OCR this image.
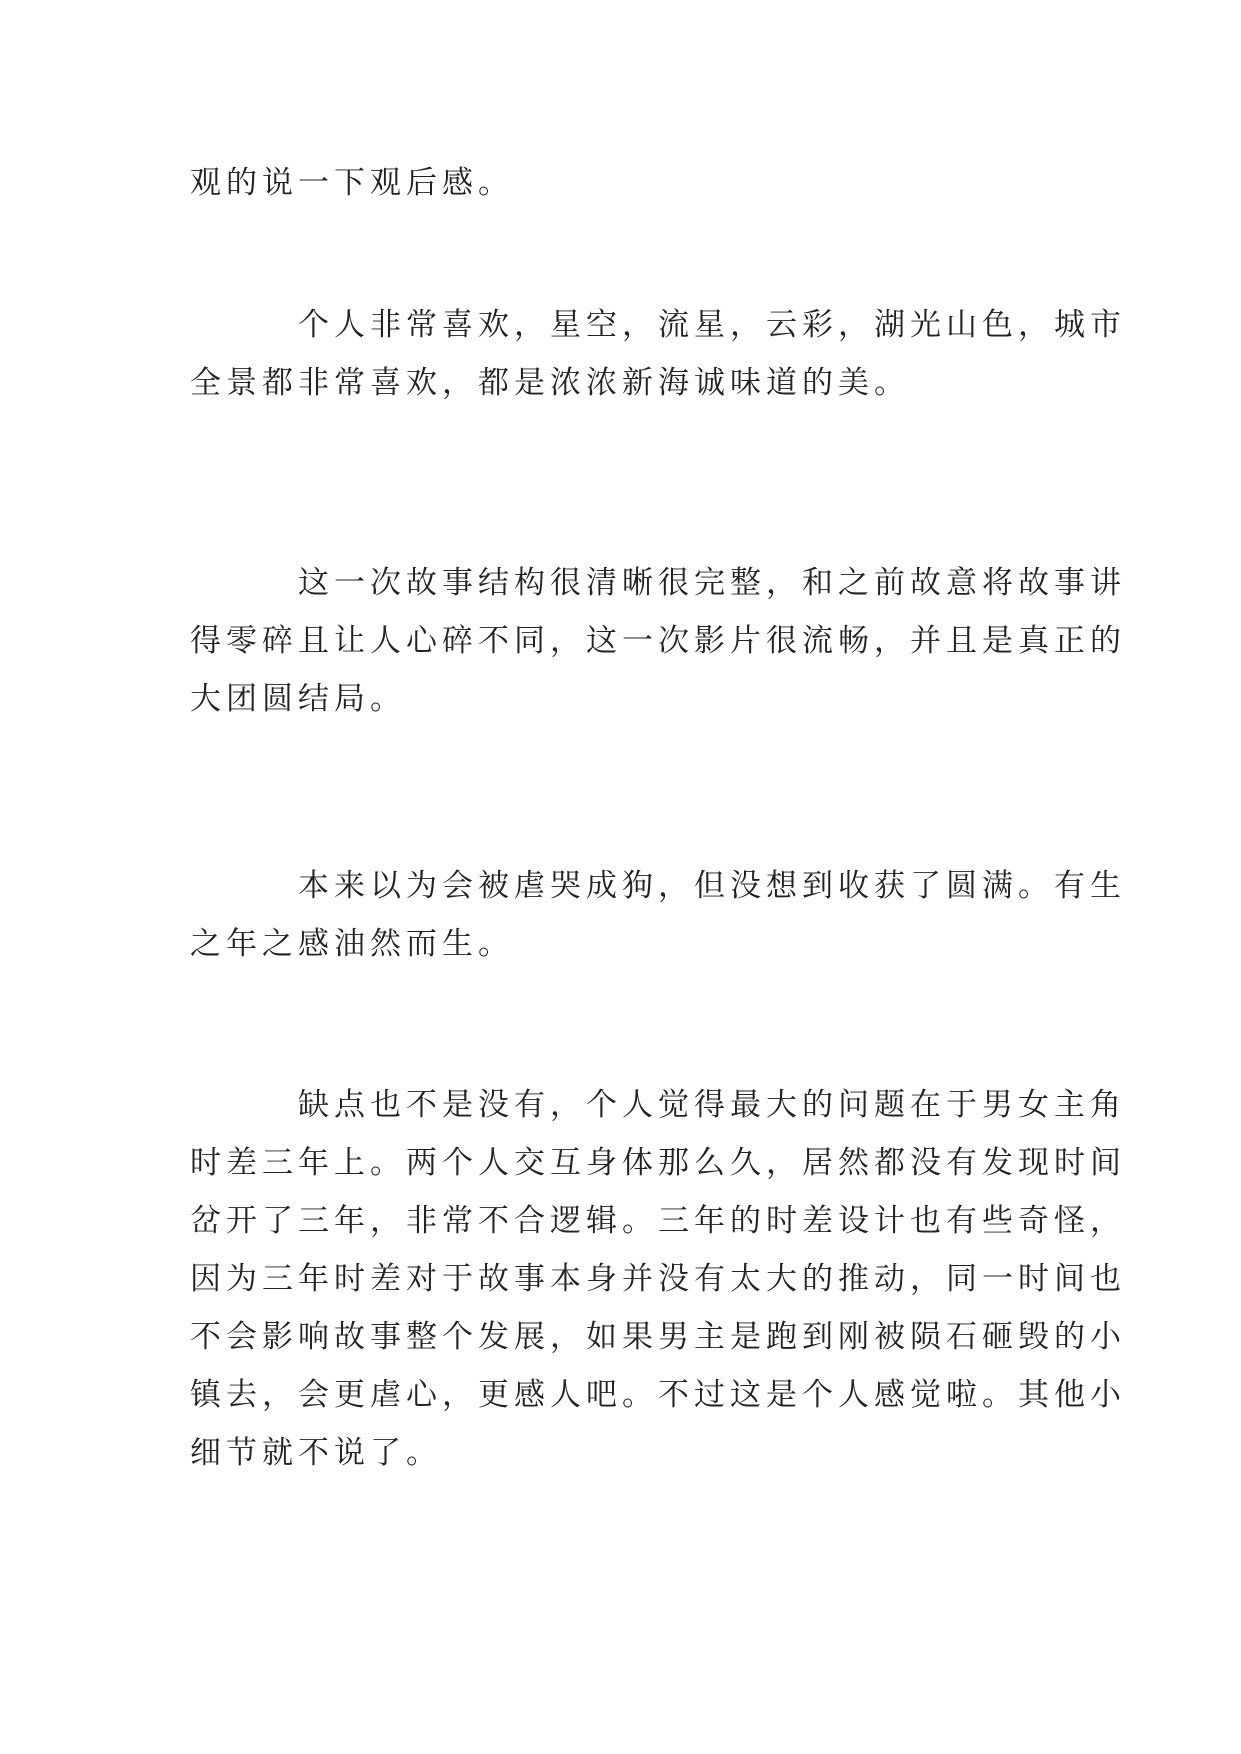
观的说一下观后感。

个人非常喜欢，星空，流星，云彩，湖光山色，城市
全景都非常喜欢，都是浓浓新海诚味道的美。

这一次故事结构很清晰很完整，和之前故意将故事讲
得零碎且让人心碎不同，这一次影片很流畅，并且是真正的
大团圆结局。

本来以为会被虐哭成狗，但没想到收获了圆满。有生
之年之感油然而生。

缺点也不是没有，个人觉得最大的问题在于男女主角
时差三年上。两个人交互身体那么久，居然都没有发现时间
岔开了三年，非常不合逻辑。三年的时差设计也有些奇怪，
因为三年时差对于故事本身并没有太大的推动，同一时间也
不会影响故事整个发展，如果男主是跑到刚被陨石砸毁的小
镇去，会更虐心，更感人吧。不过这是个人感觉啦。其他小
细节就不说了。
